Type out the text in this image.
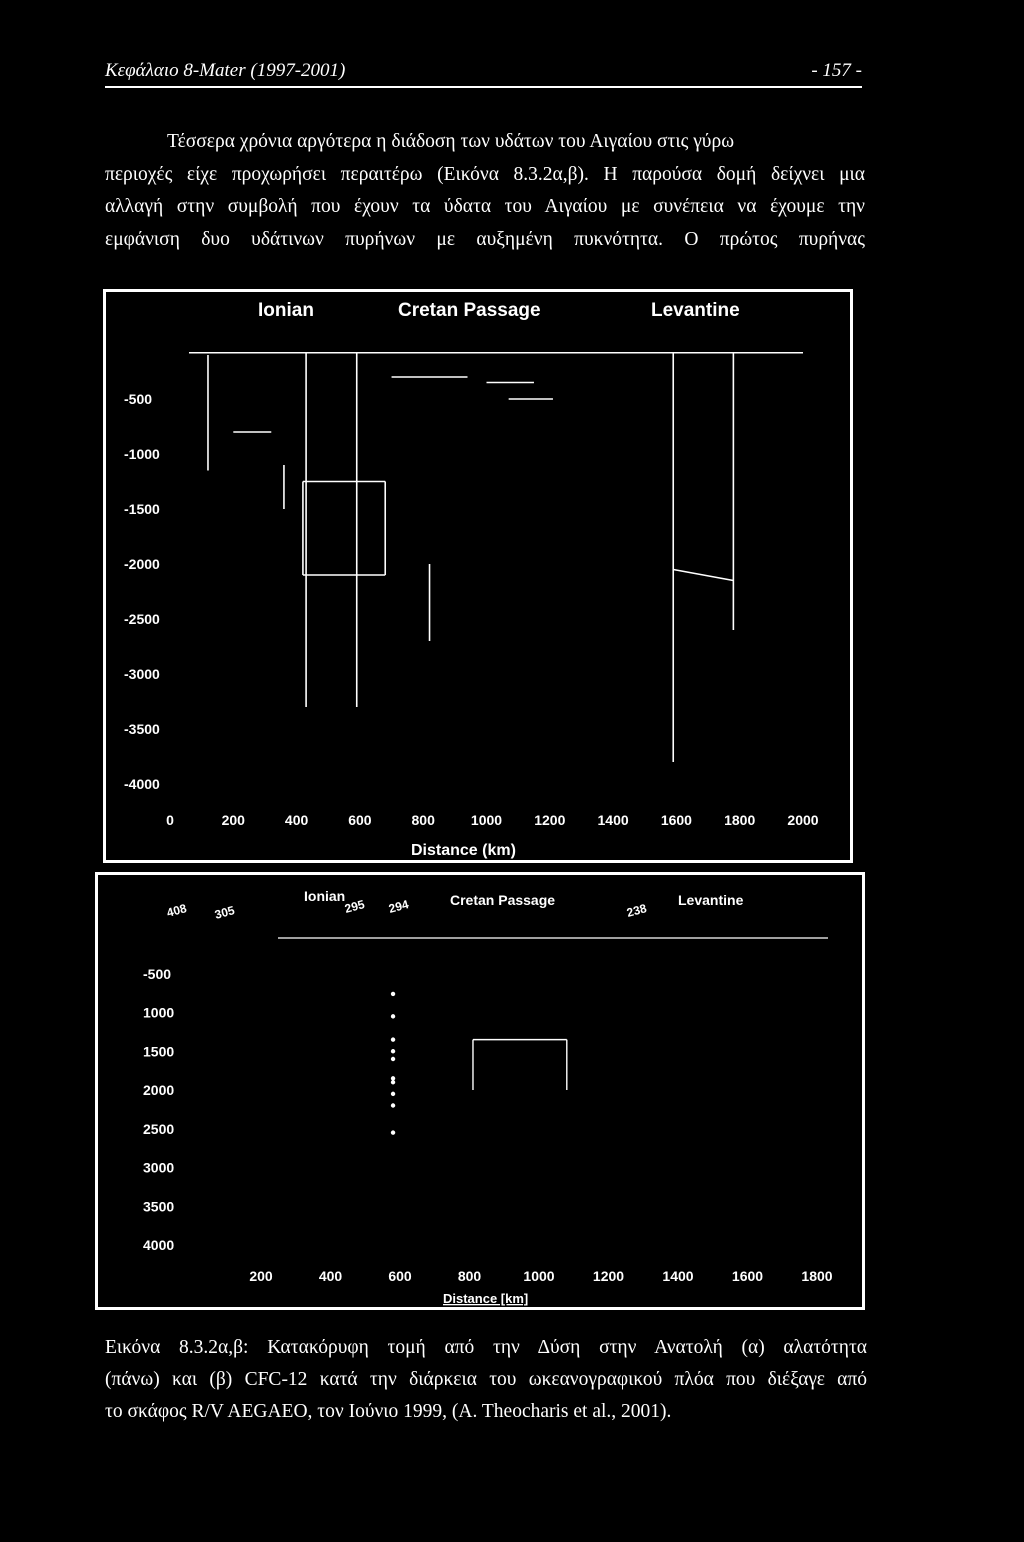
Κεφάλαιο 8-Mater (1997-2001)	- 157 -
Τέσσερα χρόνια αργότερα η διάδοση των υδάτων του Αιγαίου στις γύρω
περιοχές είχε προχωρήσει περαιτέρω (Εικόνα 8.3.2α,β). Η παρούσα δομή δείχνει μια
αλλαγή στην συμβολή που έχουν τα ύδατα του Αιγαίου με συνέπεια να έχουμε την
εμφάνιση δυο υδάτινων πυρήνων με αυξημένη πυκνότητα. Ο πρώτος πυρήνας
Ionian	Cretan Passage	Levantine
-500
-1000
-1500
-2000
-2500
-3000
-3500
-4000
0	200	400	600	800	1000 1200 1400 1600 1800 2000
Distance (km)
Ionian	Cretan Passage	Levantine
408 305	295 294	238
-500
1000
1500
2000
2500
3000
3500
4000
200	400	600	800	1000	1200	1400	1600	1800
Distance [km]
Εικόνα 8.3.2α,β: Κατακόρυφη τομή από την Δύση στην Ανατολή (α) αλατότητα
(πάνω) και (β) CFC-12 κατά την διάρκεια του ωκεανογραφικού πλόα που διέξαγε από
το σκάφος R/V AEGAEO, τον Ιούνιο 1999, (A. Theocharis et al., 2001).
